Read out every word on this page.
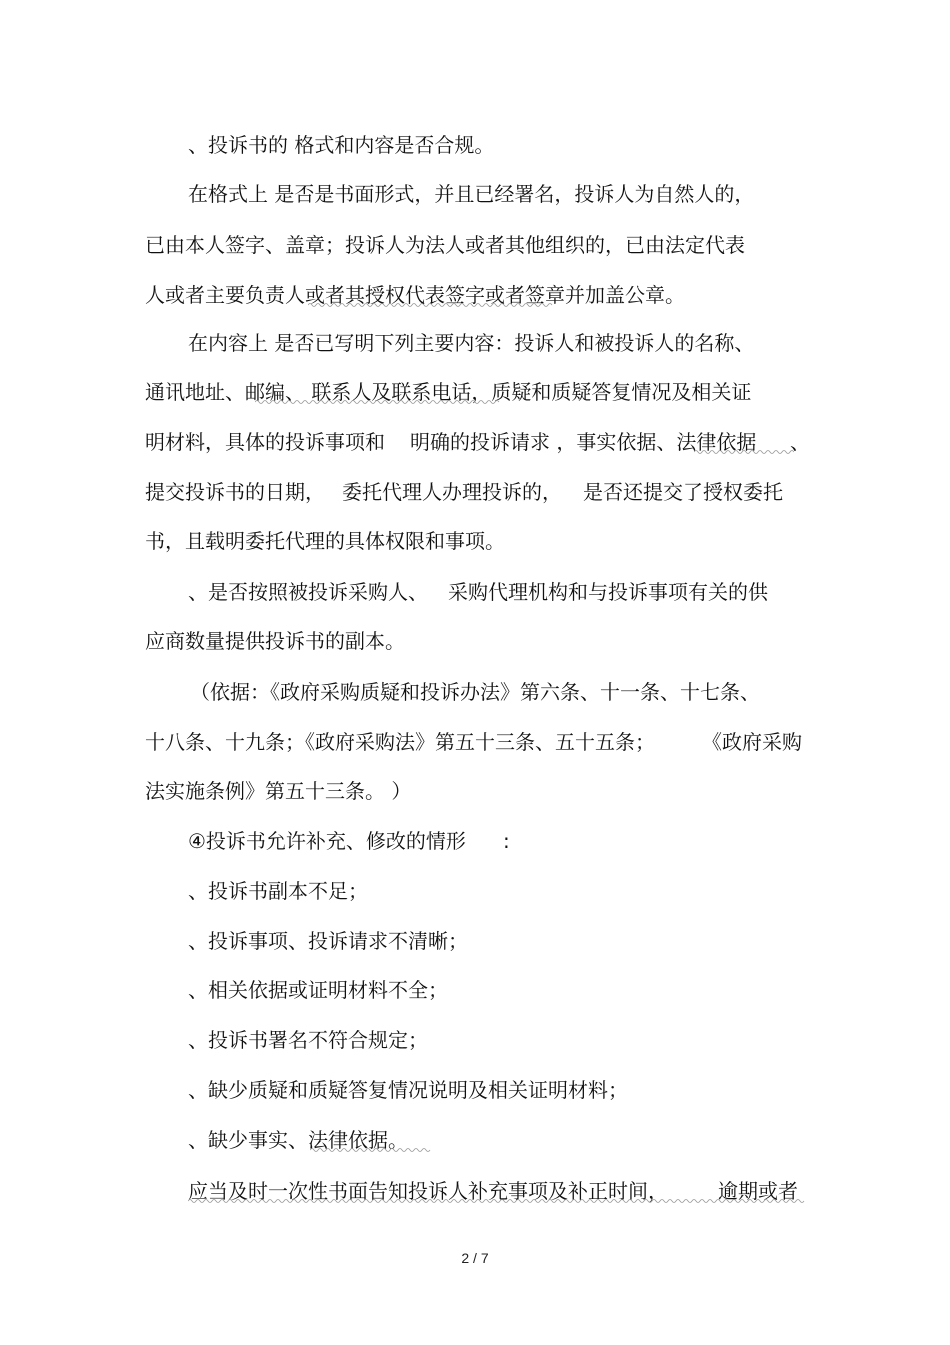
、投诉书的 格式和内容是否合规。

在格式上 是否是书面形式，并且已经署名，投诉人为自然人的，

已由本人签字、盖章；投诉人为法人或者其他组织的，已由法定代表

人或者主要负责人或者其授权代表签字或者签章并加盖公章。

在内容上 是否已写明下列主要内容：投诉人和被投诉人的名称、

通讯地址、邮编、 联系人及联系电话，质疑和质疑答复情况及相关证

明材料，具体的投诉事项和

明确的投诉请求 ，事实依据、法律依据

、

提交投诉书的日期，

委托代理人办理投诉的，

是否还提交了授权委托

书，且载明委托代理的具体权限和事项。

、是否按照被投诉采购人、

采购代理机构和与投诉事项有关的供

应商数量提供投诉书的副本。

（依据：《政府采购质疑和投诉办法》第六条、十一条、十七条、

十八条、十九条；《政府采购法》第五十三条、五十五条；

《政府采购

法实施条例》第五十三条。 ）

④投诉书允许补充、修改的情形

:

、投诉书副本不足；

、投诉事项、投诉请求不清晰；

、相关依据或证明材料不全；

、投诉书署名不符合规定；

、缺少质疑和质疑答复情况说明及相关证明材料；

、缺少事实、法律依据。

应当及时一次性书面告知投诉人补充事项及补正时间，

	逾期或者

2 / 7
